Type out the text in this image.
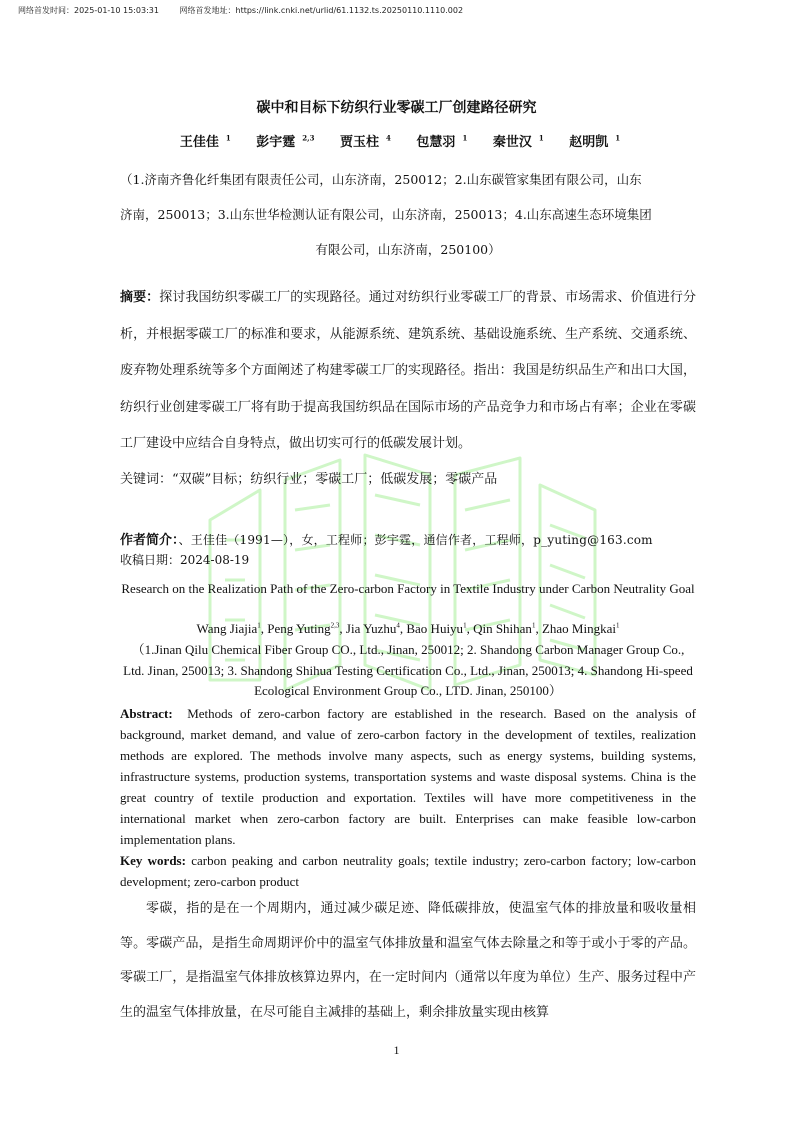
网络首发时间：2025-01-10 15:03:31	网络首发地址：https://link.cnki.net/urlid/61.1132.ts.20250110.1110.002
碳中和目标下纺织行业零碳工厂创建路径研究
王佳佳 $^1$ 彭宇霆 $^{2,3}$ 贾玉柱 $^4$ 包慧羽 $^1$ 秦世汉 $^1$ 赵明凯 $^1$
（1.济南齐鲁化纤集团有限责任公司，山东济南，250012；2.山东碳管家集团有限公司，山东
济南，250013；3.山东世华检测认证有限公司，山东济南，250013；4.山东高速生态环境集团
有限公司，山东济南，250100）
摘要：探讨我国纺织零碳工厂的实现路径。通过对纺织行业零碳工厂的背景、市场需求、价值进行分析，并根据零碳工厂的标准和要求，从能源系统、建筑系统、基础设施系统、生产系统、交通系统、废弃物处理系统等多个方面阐述了构建零碳工厂的实现路径。指出：我国是纺织品生产和出口大国，纺织行业创建零碳工厂将有助于提高我国纺织品在国际市场的产品竞争力和市场占有率；企业在零碳工厂建设中应结合自身特点，做出切实可行的低碳发展计划。
关键词：“双碳”目标；纺织行业；零碳工厂；低碳发展；零碳产品
作者简介：、王佳佳（1991—），女，工程师；彭宇霆，通信作者，工程师，p_yuting@163.com
收稿日期：2024-08-19
Research on the Realization Path of the Zero-carbon Factory in Textile Industry under Carbon Neutrality Goal
Wang Jiajia$^1$, Peng Yuting$^{2,3}$, Jia Yuzhu$^4$, Bao Huiyu$^1$, Qin Shihan$^1$, Zhao Mingkai$^1$
（1.Jinan Qilu Chemical Fiber Group CO., Ltd., Jinan, 250012; 2. Shandong Carbon Manager Group Co., Ltd. Jinan, 250013; 3. Shandong Shihua Testing Certification Co., Ltd., Jinan, 250013; 4. Shandong Hi-speed Ecological Environment Group Co., LTD. Jinan, 250100）
Abstract: Methods of zero-carbon factory are established in the research. Based on the analysis of background, market demand, and value of zero-carbon factory in the development of textiles, realization methods are explored. The methods involve many aspects, such as energy systems, building systems, infrastructure systems, production systems, transportation systems and waste disposal systems. China is the great country of textile production and exportation. Textiles will have more competitiveness in the international market when zero-carbon factory are built. Enterprises can make feasible low-carbon implementation plans.
Key words: carbon peaking and carbon neutrality goals; textile industry; zero-carbon factory; low-carbon development; zero-carbon product
零碳，指的是在一个周期内，通过减少碳足迹、降低碳排放，使温室气体的排放量和吸收量相等。零碳产品，是指生命周期评价中的温室气体排放量和温室气体去除量之和等于或小于零的产品。零碳工厂，是指温室气体排放核算边界内，在一定时间内（通常以年度为单位）生产、服务过程中产生的温室气体排放量，在尽可能自主减排的基础上，剩余排放量实现由核算
1
